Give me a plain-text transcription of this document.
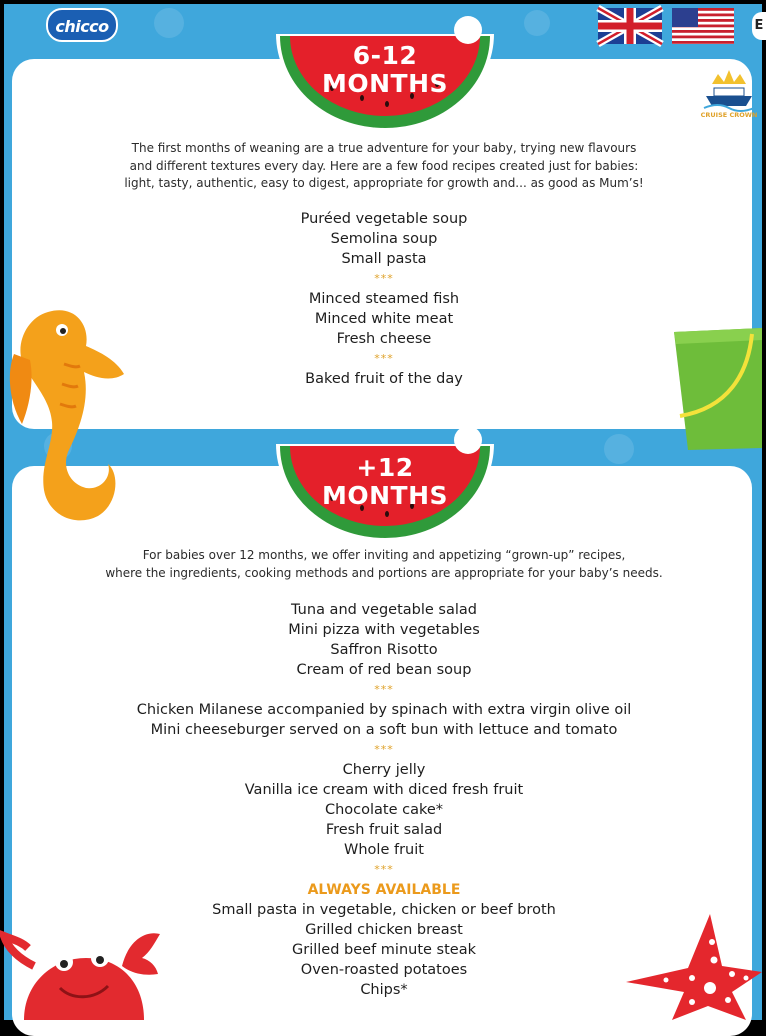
chicco	E
CRUISE CROWN
6-12
MONTHS
+12
MONTHS
The first months of weaning are a true adventure for your baby, trying new flavours
and different textures every day. Here are a few food recipes created just for babies:
light, tasty, authentic, easy to digest, appropriate for growth and... as good as Mum’s!
For babies over 12 months, we offer inviting and appetizing “grown-up” recipes,
where the ingredients, cooking methods and portions are appropriate for your baby’s needs.
Puréed vegetable soup
Semolina soup
Small pasta
***
Minced steamed fish
Minced white meat
Fresh cheese
***
Baked fruit of the day
Tuna and vegetable salad
Mini pizza with vegetables
Saffron Risotto
Cream of red bean soup
***
Chicken Milanese accompanied by spinach with extra virgin olive oil
Mini cheeseburger served on a soft bun with lettuce and tomato
***
Cherry jelly
Vanilla ice cream with diced fresh fruit
Chocolate cake*
Fresh fruit salad
Whole fruit
***
ALWAYS AVAILABLE
Small pasta in vegetable, chicken or beef broth
Grilled chicken breast
Grilled beef minute steak
Oven-roasted potatoes
Chips*
